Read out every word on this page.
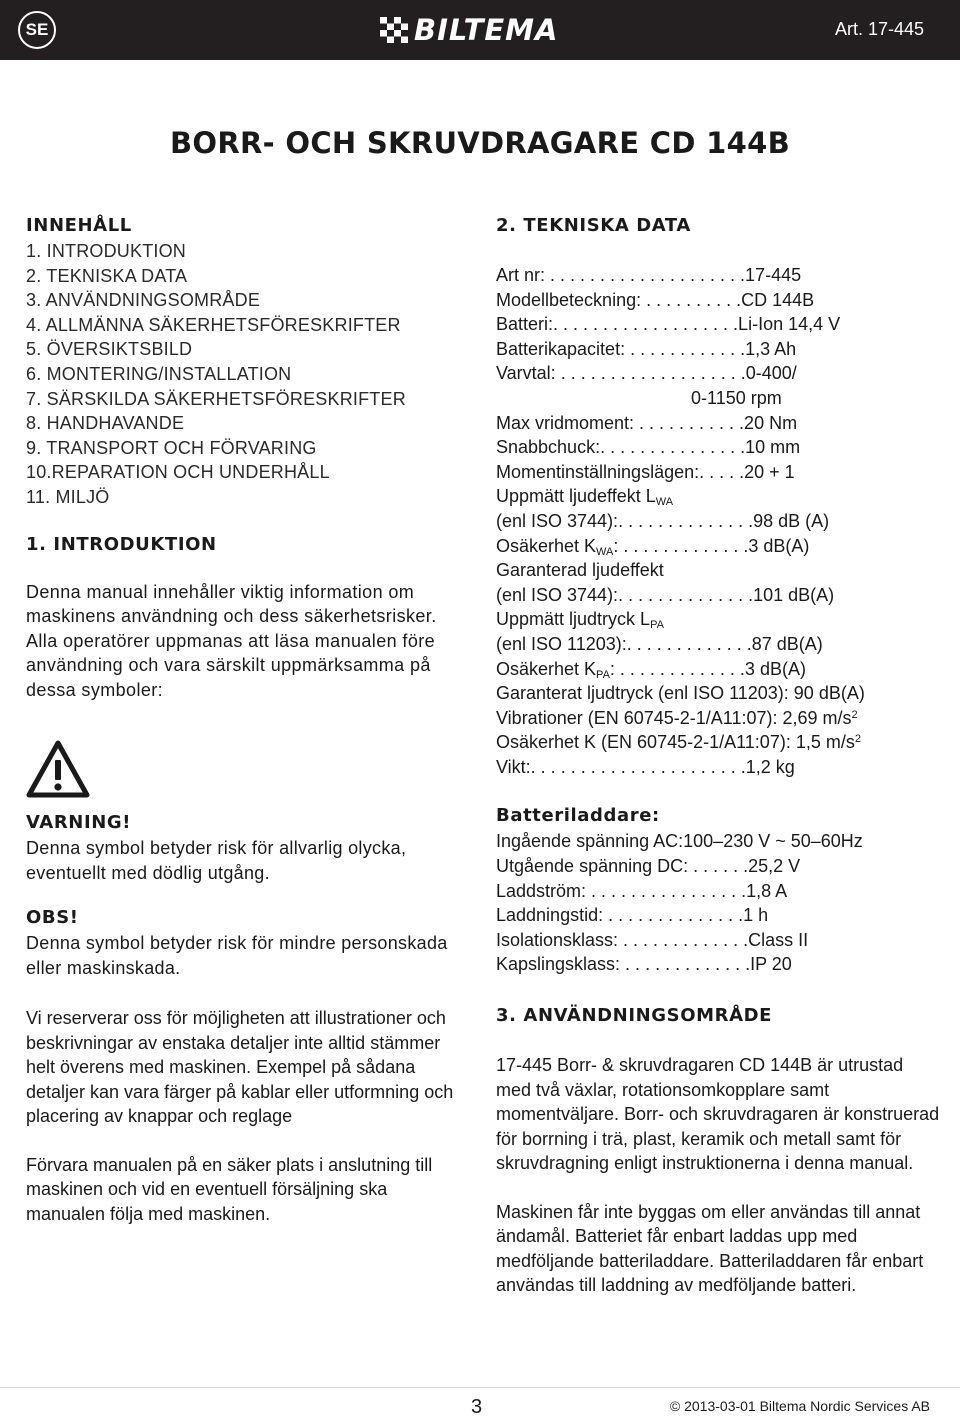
SE	BILTEMA	Art. 17-445
BORR- OCH SKRUVDRAGARE CD 144B
INNEHÅLL
1. INTRODUKTION
2. TEKNISKA DATA
3. ANVÄNDNINGSOMRÅDE
4. ALLMÄNNA SÄKERHETSFÖRESKRIFTER
5. ÖVERSIKTSBILD
6. MONTERING/INSTALLATION
7. SÄRSKILDA SÄKERHETSFÖRESKRIFTER
8. HANDHAVANDE
9. TRANSPORT OCH FÖRVARING
10.REPARATION OCH UNDERHÅLL
11. MILJÖ
1. INTRODUKTION

Denna manual innehåller viktig information om maskinens användning och dess säkerhetsrisker. Alla operatörer uppmanas att läsa manualen före användning och vara särskilt uppmärksamma på dessa symboler:

VARNING!

Denna symbol betyder risk för allvarlig olycka, eventuellt med dödlig utgång.

OBS!

Denna symbol betyder risk för mindre personskada eller maskinskada.

Vi reserverar oss för möjligheten att illustrationer och beskrivningar av enstaka detaljer inte alltid stämmer helt överens med maskinen. Exempel på sådana detaljer kan vara färger på kablar eller utformning och placering av knappar och reglage

Förvara manualen på en säker plats i anslutning till maskinen och vid en eventuell försäljning ska manualen följa med maskinen.

2. TEKNISKA DATA
Art nr: . . . . . . . . . . . . . . . . . . . .17-445
Modellbeteckning: . . . . . . . . . .CD 144B
Batteri:. . . . . . . . . . . . . . . . . . .Li-Ion 14,4 V
Batterikapacitet: . . . . . . . . . . . .1,3 Ah
Varvtal: . . . . . . . . . . . . . . . . . . .0-400/
0-1150 rpm
Max vridmoment: . . . . . . . . . . .20 Nm
Snabbchuck:. . . . . . . . . . . . . . .10 mm
Momentinställningslägen:. . . . .20 + 1
Uppmätt ljudeffekt $L_{WA}$
(enl ISO 3744):. . . . . . . . . . . . . .98 dB (A)
Osäkerhet $K_{WA}$: . . . . . . . . . . . . .3 dB(A)
Garanterad ljudeffekt
(enl ISO 3744):. . . . . . . . . . . . . .101 dB(A)
Uppmätt ljudtryck $L_{PA}$
(enl ISO 11203):. . . . . . . . . . . . .87 dB(A)
Osäkerhet $K_{PA}$: . . . . . . . . . . . . .3 dB(A)
Garanterat ljudtryck (enl ISO 11203): 90 dB(A)
Vibrationer (EN 60745-2-1/A11:07): 2,69 $m/s^2$
Osäkerhet K (EN 60745-2-1/A11:07): 1,5 $m/s^2$
Vikt:. . . . . . . . . . . . . . . . . . . . . .1,2 kg
Batteriladdare:
Ingående spänning AC:100–230 V ~ 50–60Hz
Utgående spänning DC: . . . . . .25,2 V
Laddström: . . . . . . . . . . . . . . . .1,8 A
Laddningstid: . . . . . . . . . . . . . .1 h
Isolationsklass: . . . . . . . . . . . . .Class II
Kapslingsklass: . . . . . . . . . . . . .IP 20
3. ANVÄNDNINGSOMRÅDE

17-445 Borr- & skruvdragaren CD 144B är utrustad med två växlar, rotationsomkopplare samt momentväljare. Borr- och skruvdragaren är konstruerad för borrning i trä, plast, keramik och metall samt för skruvdragning enligt instruktionerna i denna manual.

Maskinen får inte byggas om eller användas till annat ändamål. Batteriet får enbart laddas upp med medföljande batteriladdare. Batteriladdaren får enbart användas till laddning av medföljande batteri.

3	© 2013-03-01 Biltema Nordic Services AB
